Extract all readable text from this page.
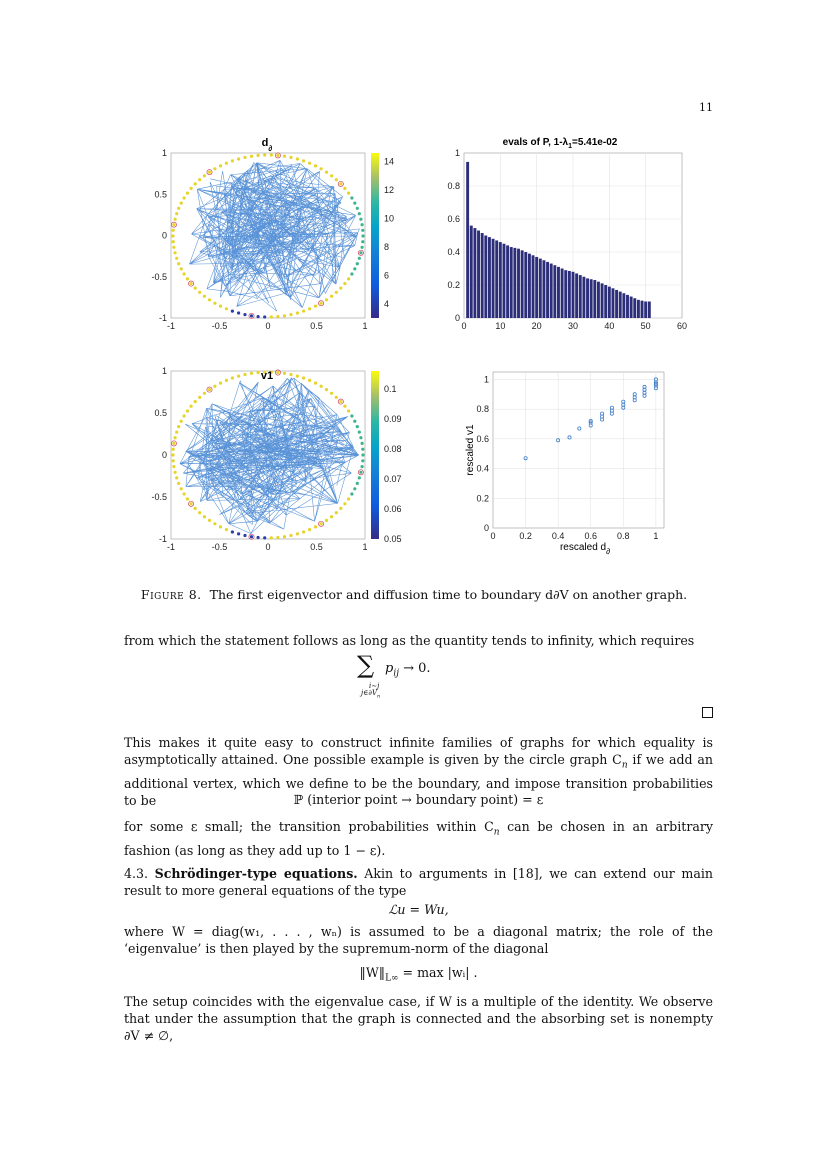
11
$d_\partial$
-1	-0.5	0	0.5	1
1
0.5
0
-0.5
-1
14
12
10
8
6
4
evals of P, $1-\lambda_1=5.41e-02$
0	10	20	30	40	50	60
1
0.8
0.6
0.4
0.2
0
v1
-1	-0.5	0	0.5	1
1
0.5
0
-0.5
-1
0.1
0.09
0.08
0.07
0.06
0.05	0	0.2 0.4 0.6 0.8	1
1
0.8
0.6
0.4
0.2
0
rescaled $d_\partial$
rescaled v1
Figure 8. The first eigenvector and diffusion time to boundary d∂V on another graph.
from which the statement follows as long as the quantity tends to infinity, which requires
∑ $p_{ij} \to 0$.
i∼j
$j\in\partial V_n$
This makes it quite easy to construct infinite families of graphs for which equality is asymptotically attained. One possible example is given by the circle graph $C_n$ if we add an additional vertex, which we define to be the boundary, and impose transition probabilities to be	ℙ (interior point → boundary point) = ε
for some ε small; the transition probabilities within $C_n$ can be chosen in an arbitrary fashion (as long as they add up to 1 − ε).
4.3. Schrödinger-type equations. Akin to arguments in [18], we can extend our main result to more general equations of the type
ℒu = Wu,
where W = diag(w₁, . . . , wₙ) is assumed to be a diagonal matrix; the role of the ‘eigenvalue’ is then played by the supremum-norm of the diagonal
$‖W‖_{L\infty} = \max$ |wᵢ| .
The setup coincides with the eigenvalue case, if W is a multiple of the identity. We observe that under the assumption that the graph is connected and the absorbing set is nonempty ∂V ≠ ∅,
